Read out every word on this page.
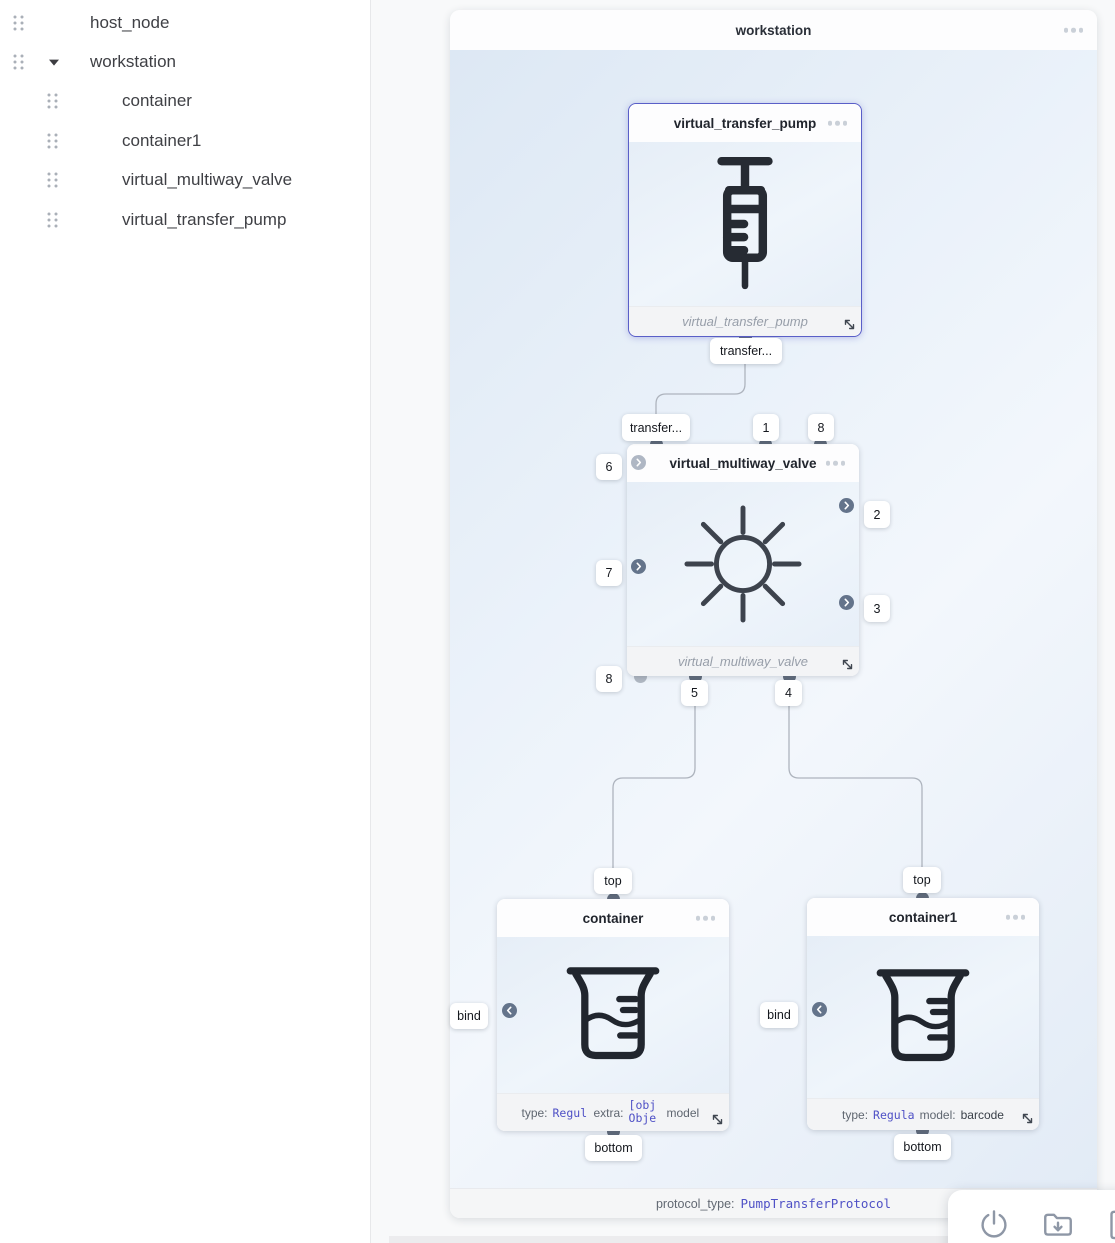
host_node
workstation
container
container1
virtual_multiway_valve
virtual_transfer_pump
workstation
protocol_type: PumpTransferProtocol
virtual_transfer_pump
virtual_transfer_pump
virtual_multiway_valve
virtual_multiway_valve
container
type: Regul extra:
[obj Obje model
container1
type: Regula model: barcode
transfer...
transfer...	1	8
6
7
8
2
3
5	4
top	top
bind	bind
bottom	bottom
